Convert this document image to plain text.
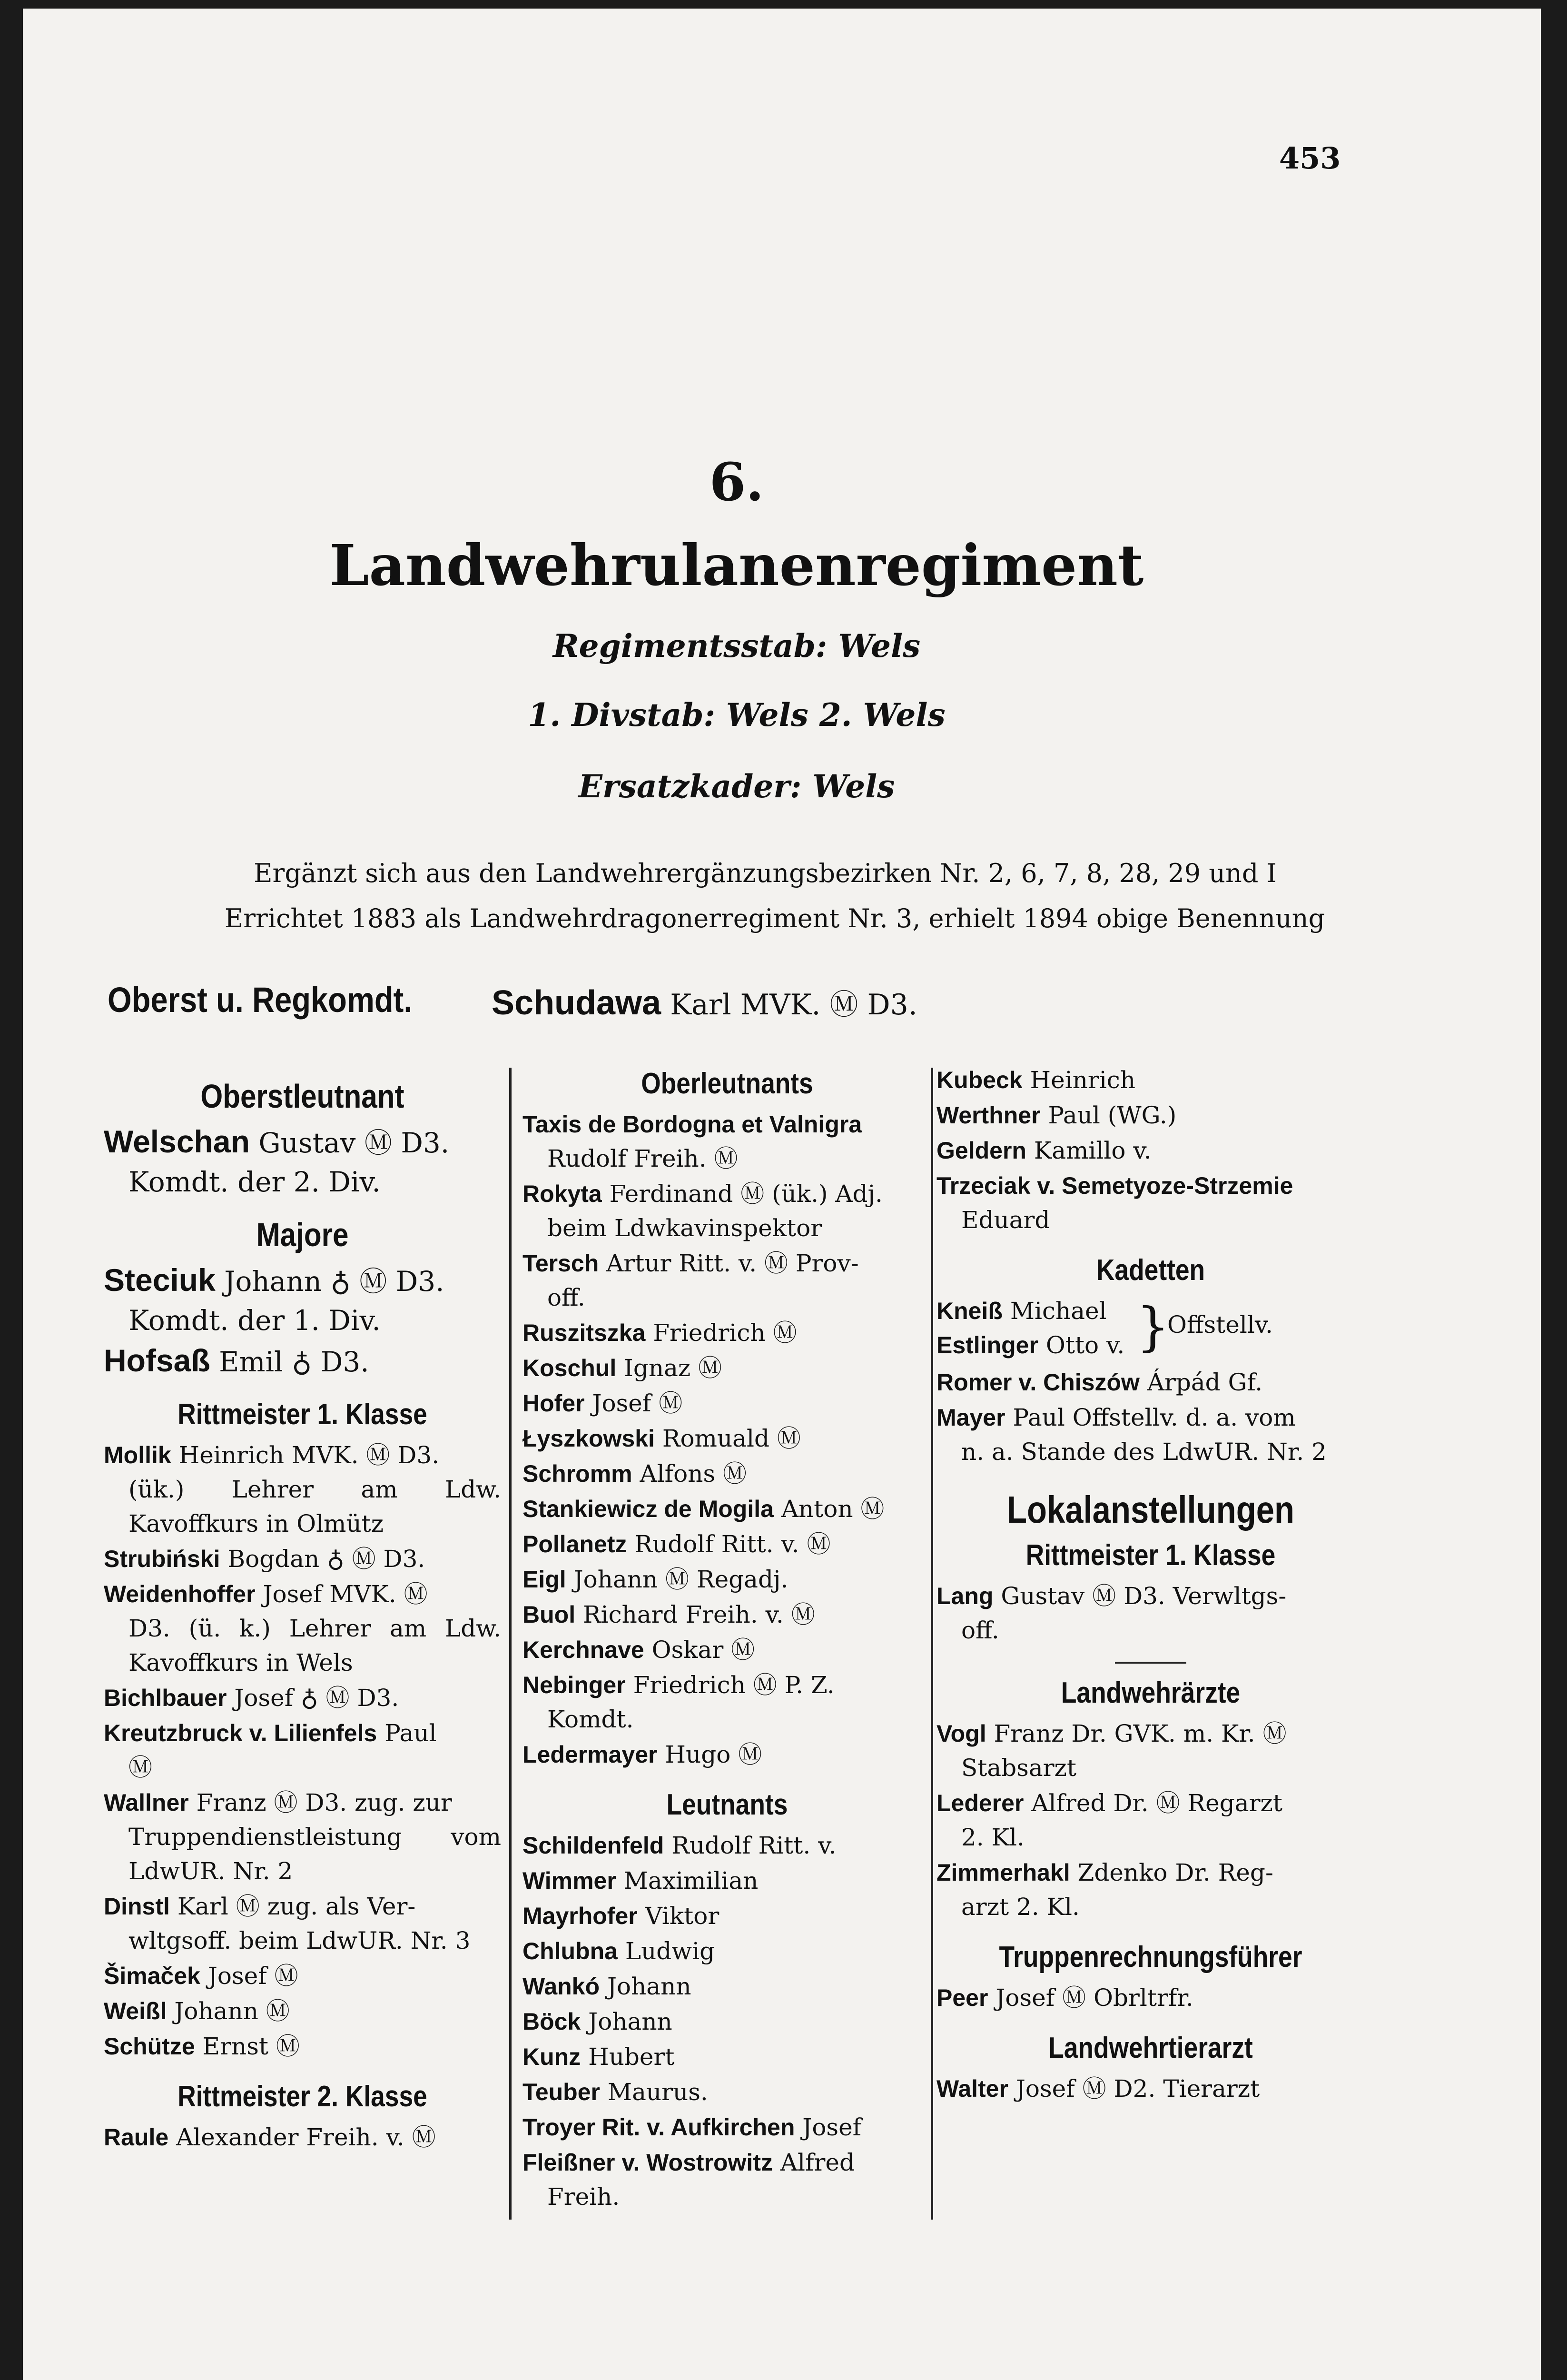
453
6.
Landwehrulanenregiment
Regimentsstab: Wels
1. Divstab: Wels 2. Wels
Ersatzkader: Wels
Ergänzt sich aus den Landwehrergänzungsbezirken Nr. 2, 6, 7, 8, 28, 29 und I
Errichtet 1883 als Landwehrdragonerregiment Nr. 3, erhielt 1894 obige Benennung
Oberst u. Regkomdt. Schudawa Karl MVK. Ⓜ D3.
Oberstleutnant
Welschan Gustav Ⓜ D3.
Komdt. der 2. Div.
Majore
Steciuk Johann ♁ Ⓜ D3.
Komdt. der 1. Div.
Hofsaß Emil ♁ D3.
Rittmeister 1. Klasse
Mollik Heinrich MVK. Ⓜ D3.
(ük.) Lehrer am Ldw. Kavoffkurs in Olmütz
Strubiński Bogdan ♁ Ⓜ D3.
Weidenhoffer Josef MVK. Ⓜ
D3. (ü. k.) Lehrer am Ldw. Kavoffkurs in Wels
Bichlbauer Josef ♁ Ⓜ D3.
Kreutzbruck v. Lilienfels Paul
Ⓜ
Wallner Franz Ⓜ D3. zug. zur
Truppendienstleistung vom LdwUR. Nr. 2
Dinstl Karl Ⓜ zug. als Ver-
wltgsoff. beim LdwUR. Nr. 3
Šimaček Josef Ⓜ
Weißl Johann Ⓜ
Schütze Ernst Ⓜ
Rittmeister 2. Klasse
Raule Alexander Freih. v. Ⓜ
Oberleutnants
Taxis de Bordogna et Valnigra
Rudolf Freih. Ⓜ
Rokyta Ferdinand Ⓜ (ük.) Adj.
beim Ldwkavinspektor
Tersch Artur Ritt. v. Ⓜ Prov-
off.
Ruszitszka Friedrich Ⓜ
Koschul Ignaz Ⓜ
Hofer Josef Ⓜ
Łyszkowski Romuald Ⓜ
Schromm Alfons Ⓜ
Stankiewicz de Mogila Anton Ⓜ
Pollanetz Rudolf Ritt. v. Ⓜ
Eigl Johann Ⓜ Regadj.
Buol Richard Freih. v. Ⓜ
Kerchnave Oskar Ⓜ
Nebinger Friedrich Ⓜ P. Z.
Komdt.
Ledermayer Hugo Ⓜ
Leutnants
Schildenfeld Rudolf Ritt. v.
Wimmer Maximilian
Mayrhofer Viktor
Chlubna Ludwig
Wankó Johann
Böck Johann
Kunz Hubert
Teuber Maurus.
Troyer Rit. v. Aufkirchen Josef
Fleißner v. Wostrowitz Alfred
Freih.
Kubeck Heinrich
Werthner Paul (WG.)
Geldern Kamillo v.
Trzeciak v. Semetyoze-Strzemie
Eduard
Kadetten
Kneiß Michael
Estlinger Otto v. }
Offstellv.
Romer v. Chiszów Árpád Gf.
Mayer Paul Offstellv. d. a. vom
n. a. Stande des LdwUR. Nr. 2
Lokalanstellungen
Rittmeister 1. Klasse
Lang Gustav Ⓜ D3. Verwltgs-
off.
Landwehrärzte
Vogl Franz Dr. GVK. m. Kr. Ⓜ
Stabsarzt
Lederer Alfred Dr. Ⓜ Regarzt
2. Kl.
Zimmerhakl Zdenko Dr. Reg-
arzt 2. Kl.
Truppenrechnungsführer
Peer Josef Ⓜ Obrltrfr.
Landwehrtierarzt
Walter Josef Ⓜ D2. Tierarzt
